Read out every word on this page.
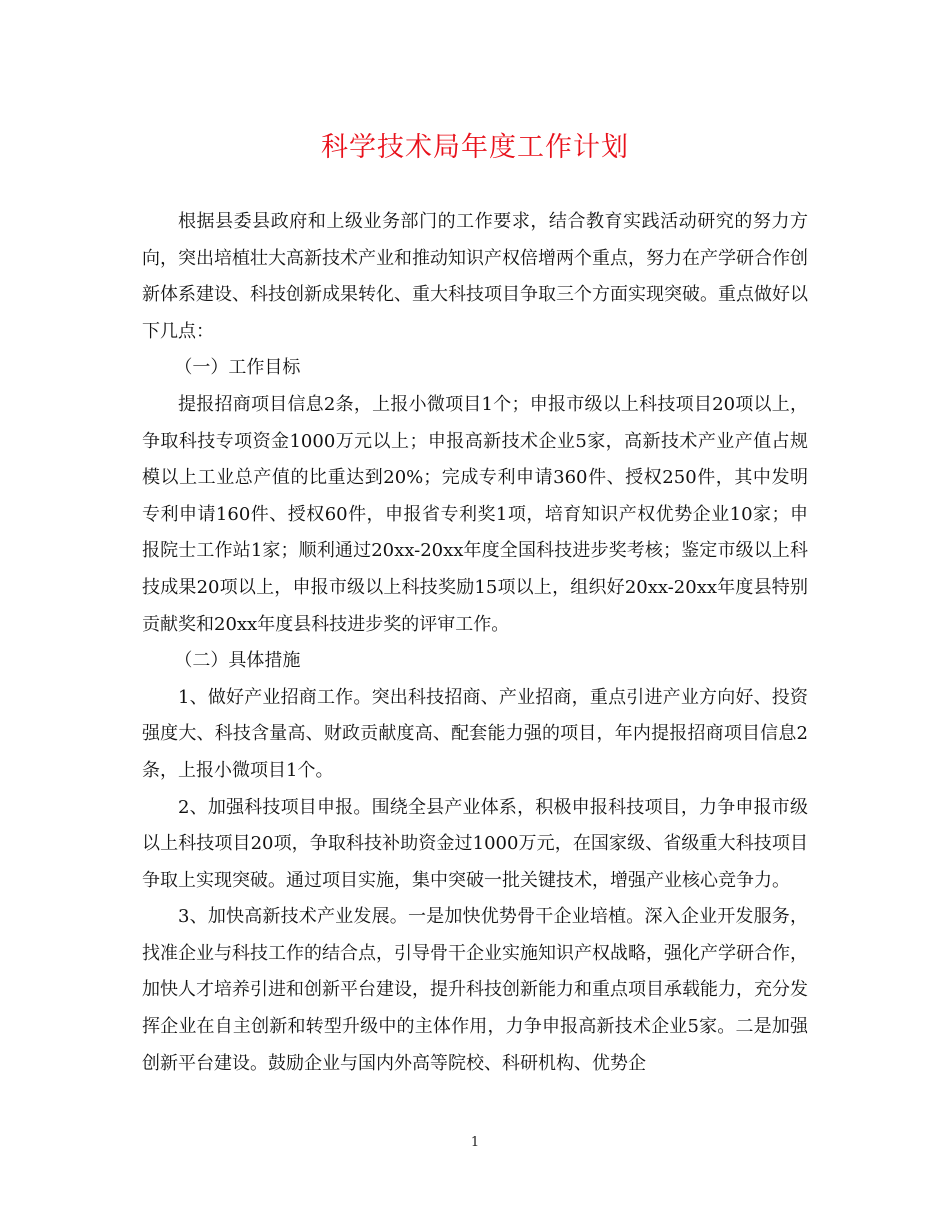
科学技术局年度工作计划

根据县委县政府和上级业务部门的工作要求，结合教育实践活动研究的努力方向，突出培植壮大高新技术产业和推动知识产权倍增两个重点，努力在产学研合作创新体系建设、科技创新成果转化、重大科技项目争取三个方面实现突破。重点做好以下几点：

（一）工作目标

提报招商项目信息2条，上报小微项目1个；申报市级以上科技项目20项以上，争取科技专项资金1000万元以上；申报高新技术企业5家，高新技术产业产值占规模以上工业总产值的比重达到20%；完成专利申请360件、授权250件，其中发明专利申请160件、授权60件，申报省专利奖1项，培育知识产权优势企业10家；申报院士工作站1家；顺利通过20xx-20xx年度全国科技进步奖考核；鉴定市级以上科技成果20项以上，申报市级以上科技奖励15项以上，组织好20xx-20xx年度县特别贡献奖和20xx年度县科技进步奖的评审工作。

（二）具体措施

1、做好产业招商工作。突出科技招商、产业招商，重点引进产业方向好、投资强度大、科技含量高、财政贡献度高、配套能力强的项目，年内提报招商项目信息2条，上报小微项目1个。

2、加强科技项目申报。围绕全县产业体系，积极申报科技项目，力争申报市级以上科技项目20项，争取科技补助资金过1000万元，在国家级、省级重大科技项目争取上实现突破。通过项目实施，集中突破一批关键技术，增强产业核心竞争力。

3、加快高新技术产业发展。一是加快优势骨干企业培植。深入企业开发服务，找准企业与科技工作的结合点，引导骨干企业实施知识产权战略，强化产学研合作，加快人才培养引进和创新平台建设，提升科技创新能力和重点项目承载能力，充分发挥企业在自主创新和转型升级中的主体作用，力争申报高新技术企业5家。二是加强创新平台建设。鼓励企业与国内外高等院校、科研机构、优势企

1
